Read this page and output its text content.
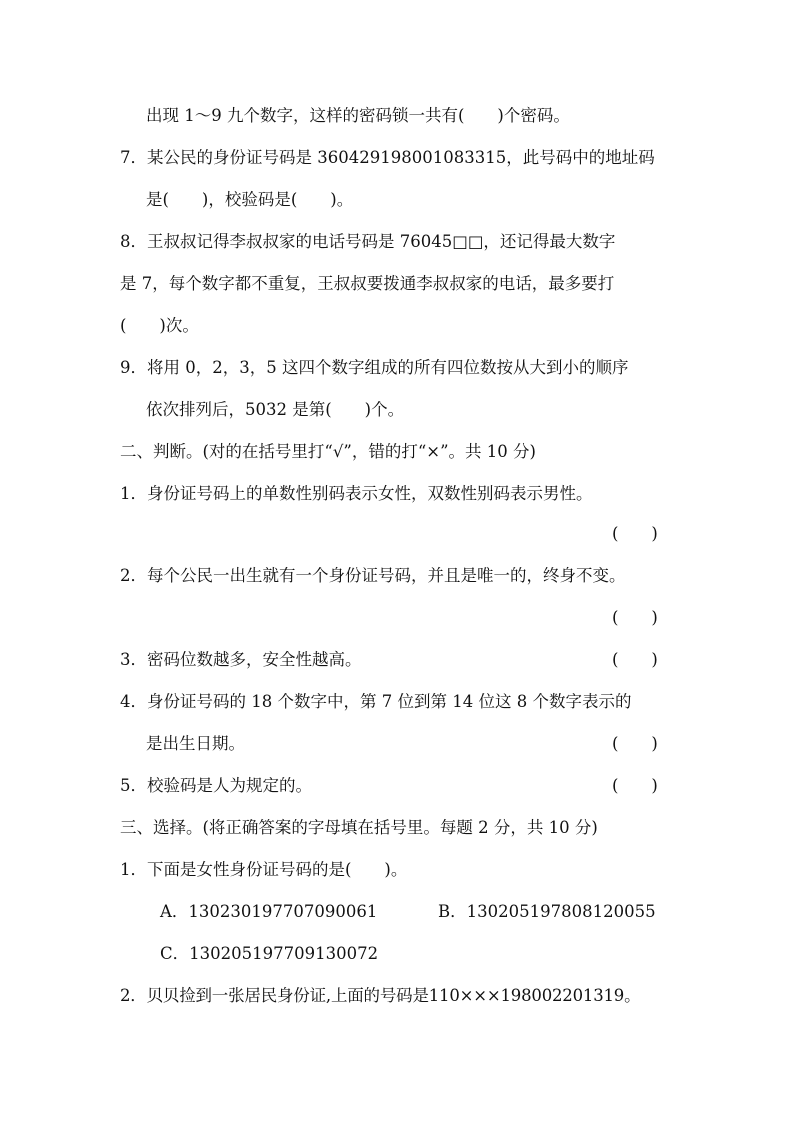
出现 1～9 九个数字，这样的密码锁一共有(　　)个密码。
7．某公民的身份证号码是 360429198001083315，此号码中的地址码
是(　　)，校验码是(　　)。
8．王叔叔记得李叔叔家的电话号码是 76045□□，还记得最大数字
是 7，每个数字都不重复，王叔叔要拨通李叔叔家的电话，最多要打
(　　)次。
9．将用 0，2，3，5 这四个数字组成的所有四位数按从大到小的顺序
依次排列后，5032 是第(　　)个。
二、判断。(对的在括号里打“√”，错的打“×”。共 10 分)
1．身份证号码上的单数性别码表示女性，双数性别码表示男性。
(　　)
2．每个公民一出生就有一个身份证号码，并且是唯一的，终身不变。
(　　)
3．密码位数越多，安全性越高。	(　　)
4．身份证号码的 18 个数字中，第 7 位到第 14 位这 8 个数字表示的
是出生日期。	(　　)
5．校验码是人为规定的。	(　　)
三、选择。(将正确答案的字母填在括号里。每题 2 分，共 10 分)
1．下面是女性身份证号码的是(　　)。
A．130230197707090061	B．130205197808120055
C．130205197709130072
2．贝贝捡到一张居民身份证,上面的号码是110×××198002201319。
